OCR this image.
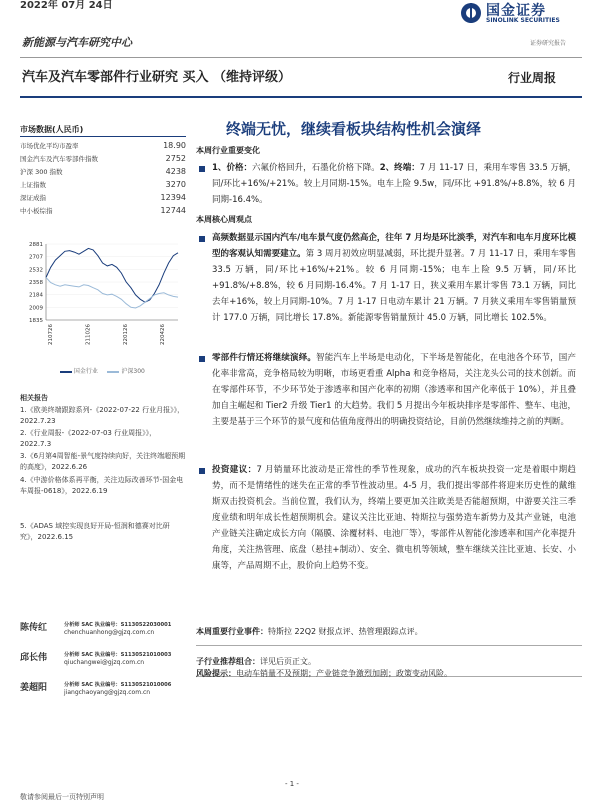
2022年 07月 24日	国金证券
SINOLINK SECURITIES
证券研究报告
新能源与汽车研究中心
汽车及汽车零部件行业研究 买入 （维持评级）	行业周报
市场数据(人民币)
市场优化平均市盈率	18.90
国金汽车及汽车零部件指数	2752
沪深 300 指数	4238
上证指数	3270
深证成指	12394
中小板综指	12744
2881
2707
2532
2358
2184
2009
1835
210726	211026	220126	220426
国金行业	沪深300
相关报告
1.《欧美终端跟踪系列-《2022-07-22 行业月报》》，2022.7.23
2.《行业周报-《2022-07-03 行业周报》》，2022.7.3
3.《6月第4周智能-景气度持续向好，关注终端超预期的高度》，2022.6.26
4.《中游价格体系再平衡，关注边际改善环节-国金电车周报-0618》，2022.6.19
5.《ADAS 域控实现良好开局-恒润和德赛对比研究》，2022.6.15
陈传红	分析师 SAC 执业编号：S1130522030001
chenchuanhong@gjzq.com.cn
邱长伟	分析师 SAC 执业编号：S1130521010003
qiuchangwei@gjzq.com.cn
姜超阳	分析师 SAC 执业编号：S1130521010006
jiangchaoyang@gjzq.com.cn
终端无忧，继续看板块结构性机会演绎
本周行业重要变化
1、价格：六氟价格回升，石墨化价格下降。2、终端：7 月 11-17 日，乘用车零售 33.5 万辆，同/环比+16%/+21%。较上月同期-15%。电车上险 9.5w，同/环比 +91.8%/+8.8%，较 6 月同期-16.4%。
本周核心周观点
高频数据显示国内汽车/电车景气度仍然高企，往年 7 月均是环比淡季，对汽车和电车月度环比模型的客观认知需要建立。第 3 周月初效应明显减弱，环比提升显著。7 月 11-17 日，乘用车零售 33.5 万辆，同/环比+16%/+21%。较 6 月同期-15%；电车上险 9.5 万辆，同/环比 +91.8%/+8.8%，较 6 月同期-16.4%。7 月 1-17 日，狭义乘用车累计零售 73.1 万辆，同比去年+16%，较上月同期-10%。7 月 1-17 日电动车累计 21 万辆。7 月狭义乘用车零售销量预计 177.0 万辆，同比增长 17.8%。新能源零售销量预计 45.0 万辆，同比增长 102.5%。
零部件行情还将继续演绎。智能汽车上半场是电动化，下半场是智能化，在电池各个环节，国产化率非常高，竞争格局较为明晰，市场更看重 Alpha 和竞争格局，关注龙头公司的技术创新。而在零部件环节，不少环节处于渗透率和国产化率的初期（渗透率和国产化率低于 10%），并且叠加自主崛起和 Tier2 升级 Tier1 的大趋势。我们 5 月提出今年板块排序是零部件、整车、电池，主要是基于三个环节的景气度和估值角度得出的明确投资结论，目前仍然继续维持之前的判断。
投资建议：7 月销量环比波动是正常性的季节性现象，成功的汽车板块投资一定是着眼中期趋势，而不是情绪性的迷失在正常的季节性波动里。4-5 月，我们提出零部件将迎来历史性的戴维斯双击投资机会。当前位置，我们认为，终端上要更加关注欧美是否能超预期，中游要关注三季度业绩和明年成长性超预期机会。建议关注比亚迪、特斯拉与强势造车新势力及其产业链，电池产业链关注确定成长方向（隔膜、涂覆材料、电池厂等），零部件从智能化渗透率和国产化率提升角度，关注热管理、底盘（悬挂+制动）、安全、微电机等领域，整车继续关注比亚迪、长安、小康等，产品周期不止，股价向上趋势不变。
本周重要行业事件：特斯拉 22Q2 财报点评、热管理跟踪点评。
子行业推荐组合：详见后页正文。
风险提示：电动车销量不及预期；产业链竞争激烈加剧；政策变动风险。
- 1 -
敬请参阅最后一页特别声明
